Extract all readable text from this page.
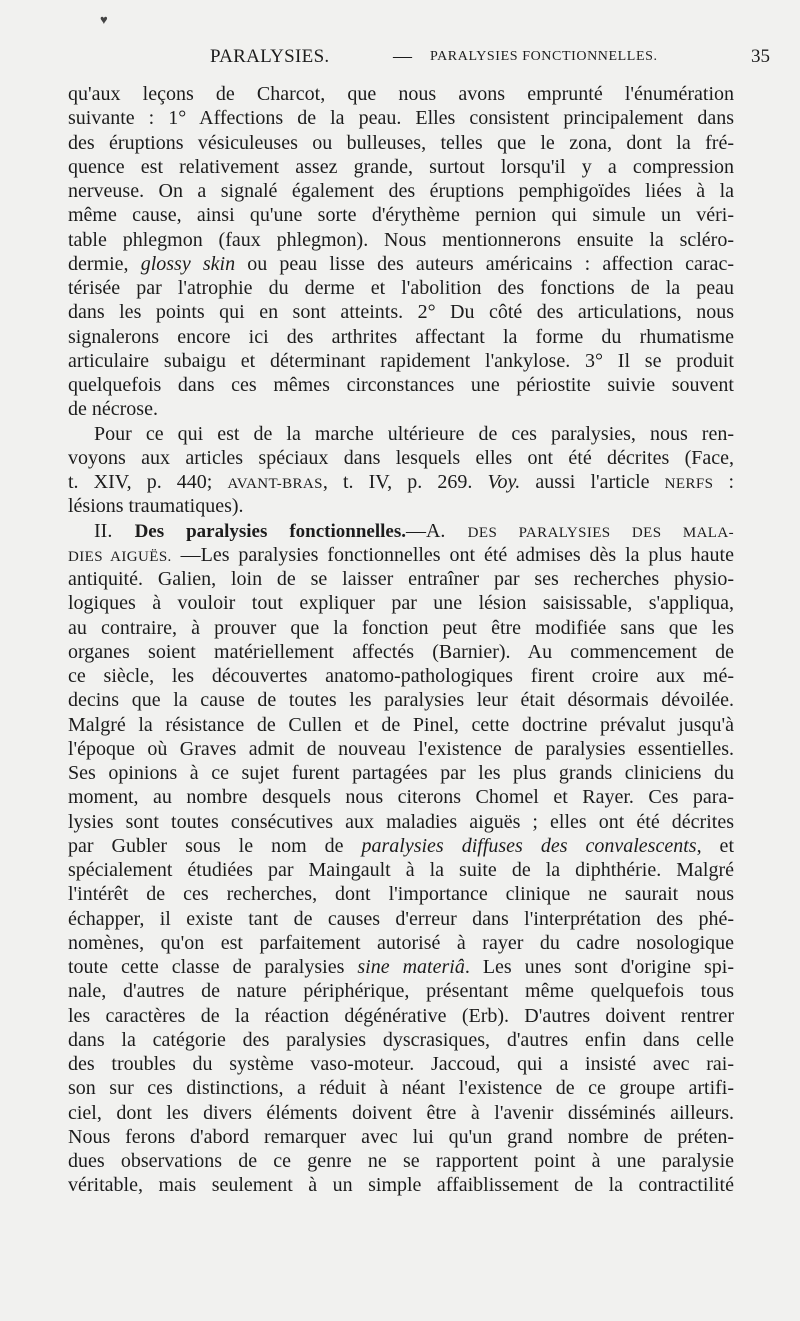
♥
PARALYSIES.	— PARALYSIES FONCTIONNELLES.	35
qu'aux leçons de Charcot, que nous avons emprunté l'énumération
suivante : 1° Affections de la peau. Elles consistent principalement dans
des éruptions vésiculeuses ou bulleuses, telles que le zona, dont la fré-
quence est relativement assez grande, surtout lorsqu'il y a compression
nerveuse. On a signalé également des éruptions pemphigoïdes liées à la
même cause, ainsi qu'une sorte d'érythème pernion qui simule un véri-
table phlegmon (faux phlegmon). Nous mentionnerons ensuite la scléro-
dermie, glossy skin ou peau lisse des auteurs américains : affection carac-
térisée par l'atrophie du derme et l'abolition des fonctions de la peau
dans les points qui en sont atteints. 2° Du côté des articulations, nous
signalerons encore ici des arthrites affectant la forme du rhumatisme
articulaire subaigu et déterminant rapidement l'ankylose. 3° Il se produit
quelquefois dans ces mêmes circonstances une périostite suivie souvent
de nécrose.
Pour ce qui est de la marche ultérieure de ces paralysies, nous ren-
voyons aux articles spéciaux dans lesquels elles ont été décrites (Face,
t. XIV, p. 440; AVANT-BRAS, t. IV, p. 269. Voy. aussi l'article NERFS :
lésions traumatiques).
II. Des paralysies fonctionnelles.—A. DES PARALYSIES DES MALA-
DIES AIGUËS. —Les paralysies fonctionnelles ont été admises dès la plus haute
antiquité. Galien, loin de se laisser entraîner par ses recherches physio-
logiques à vouloir tout expliquer par une lésion saisissable, s'appliqua,
au contraire, à prouver que la fonction peut être modifiée sans que les
organes soient matériellement affectés (Barnier). Au commencement de
ce siècle, les découvertes anatomo-pathologiques firent croire aux mé-
decins que la cause de toutes les paralysies leur était désormais dévoilée.
Malgré la résistance de Cullen et de Pinel, cette doctrine prévalut jusqu'à
l'époque où Graves admit de nouveau l'existence de paralysies essentielles.
Ses opinions à ce sujet furent partagées par les plus grands cliniciens du
moment, au nombre desquels nous citerons Chomel et Rayer. Ces para-
lysies sont toutes consécutives aux maladies aiguës ; elles ont été décrites
par Gubler sous le nom de paralysies diffuses des convalescents, et
spécialement étudiées par Maingault à la suite de la diphthérie. Malgré
l'intérêt de ces recherches, dont l'importance clinique ne saurait nous
échapper, il existe tant de causes d'erreur dans l'interprétation des phé-
nomènes, qu'on est parfaitement autorisé à rayer du cadre nosologique
toute cette classe de paralysies sine materiâ. Les unes sont d'origine spi-
nale, d'autres de nature périphérique, présentant même quelquefois tous
les caractères de la réaction dégénérative (Erb). D'autres doivent rentrer
dans la catégorie des paralysies dyscrasiques, d'autres enfin dans celle
des troubles du système vaso-moteur. Jaccoud, qui a insisté avec rai-
son sur ces distinctions, a réduit à néant l'existence de ce groupe artifi-
ciel, dont les divers éléments doivent être à l'avenir disséminés ailleurs.
Nous ferons d'abord remarquer avec lui qu'un grand nombre de préten-
dues observations de ce genre ne se rapportent point à une paralysie
véritable, mais seulement à un simple affaiblissement de la contractilité
